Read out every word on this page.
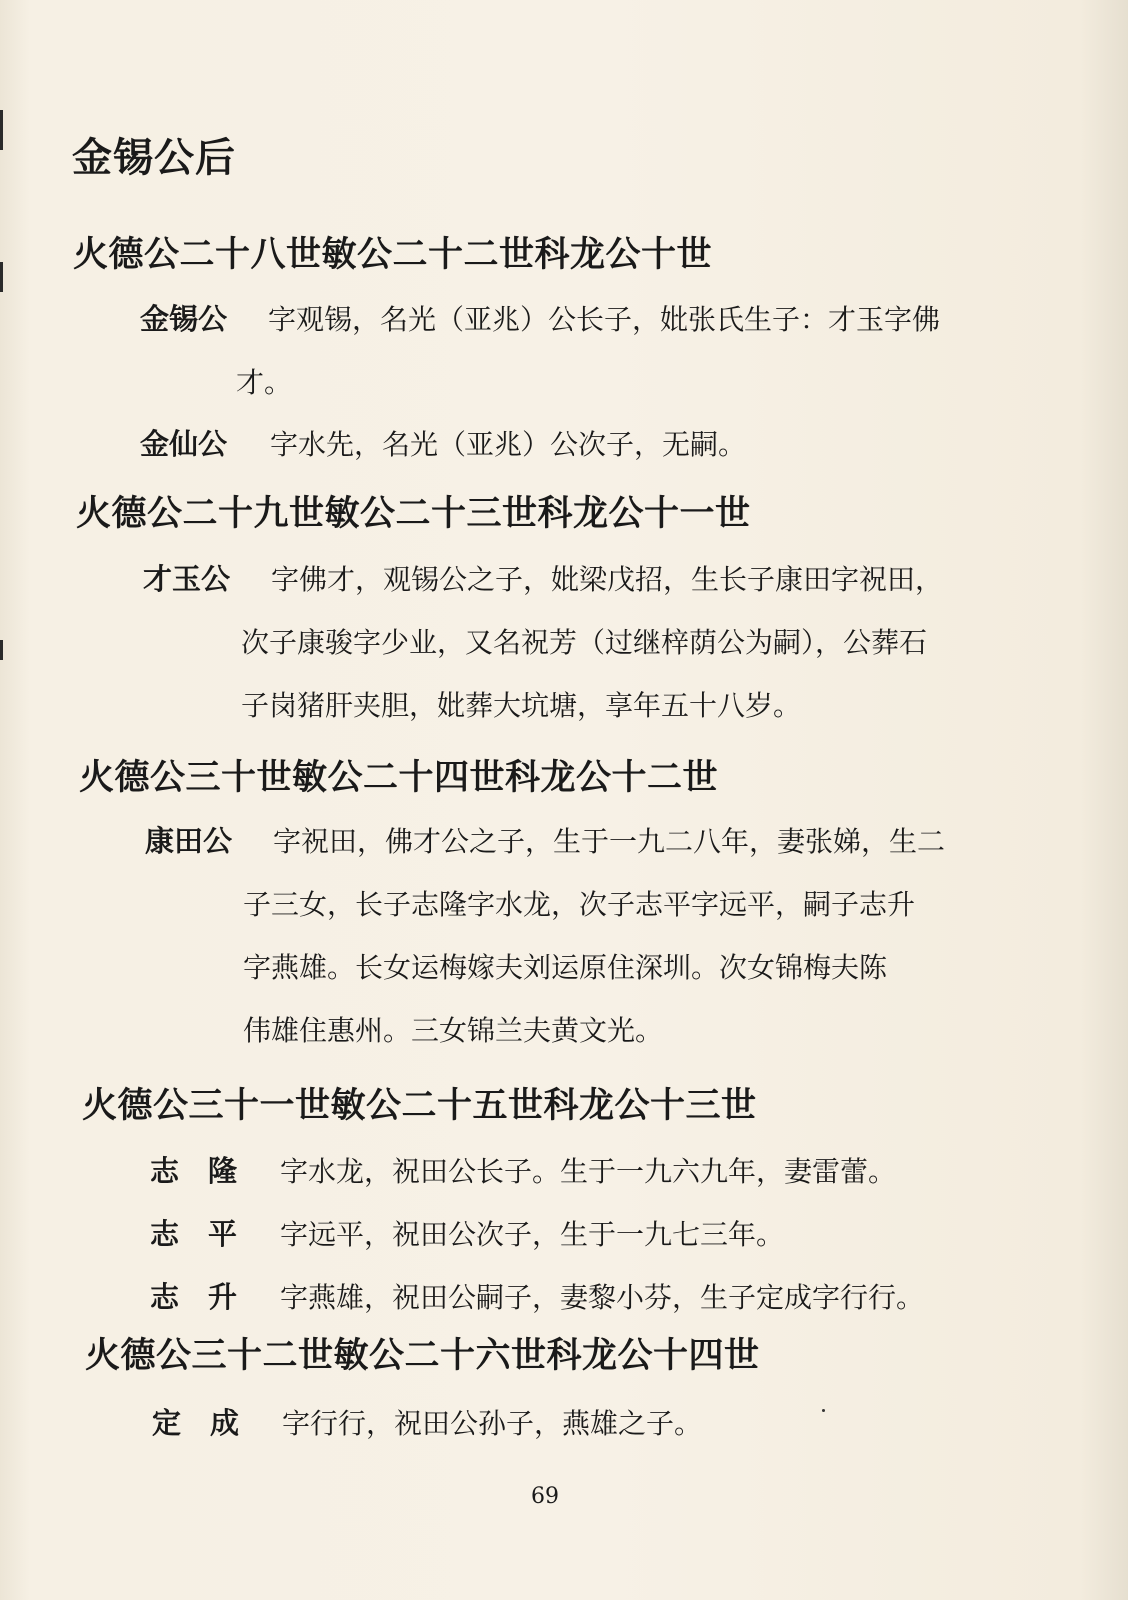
金锡公后
火德公二十八世敏公二十二世科龙公十世
金锡公 字观锡，名光（亚兆）公长子，妣张氏生子：才玉字佛
才。
金仙公 字水先，名光（亚兆）公次子，无嗣。
火德公二十九世敏公二十三世科龙公十一世
才玉公 字佛才，观锡公之子，妣梁戊招，生长子康田字祝田，
次子康骏字少业，又名祝芳（过继梓荫公为嗣），公葬石
子岗猪肝夹胆，妣葬大坑塘，享年五十八岁。
火德公三十世敏公二十四世科龙公十二世
康田公 字祝田，佛才公之子，生于一九二八年，妻张娣，生二
子三女，长子志隆字水龙，次子志平字远平，嗣子志升
字燕雄。长女运梅嫁夫刘运原住深圳。次女锦梅夫陈
伟雄住惠州。三女锦兰夫黄文光。
火德公三十一世敏公二十五世科龙公十三世
志　隆 字水龙，祝田公长子。生于一九六九年，妻雷蕾。
志　平 字远平，祝田公次子，生于一九七三年。
志　升 字燕雄，祝田公嗣子，妻黎小芬，生子定成字行行。
火德公三十二世敏公二十六世科龙公十四世
定　成 字行行，祝田公孙子，燕雄之子。
69
